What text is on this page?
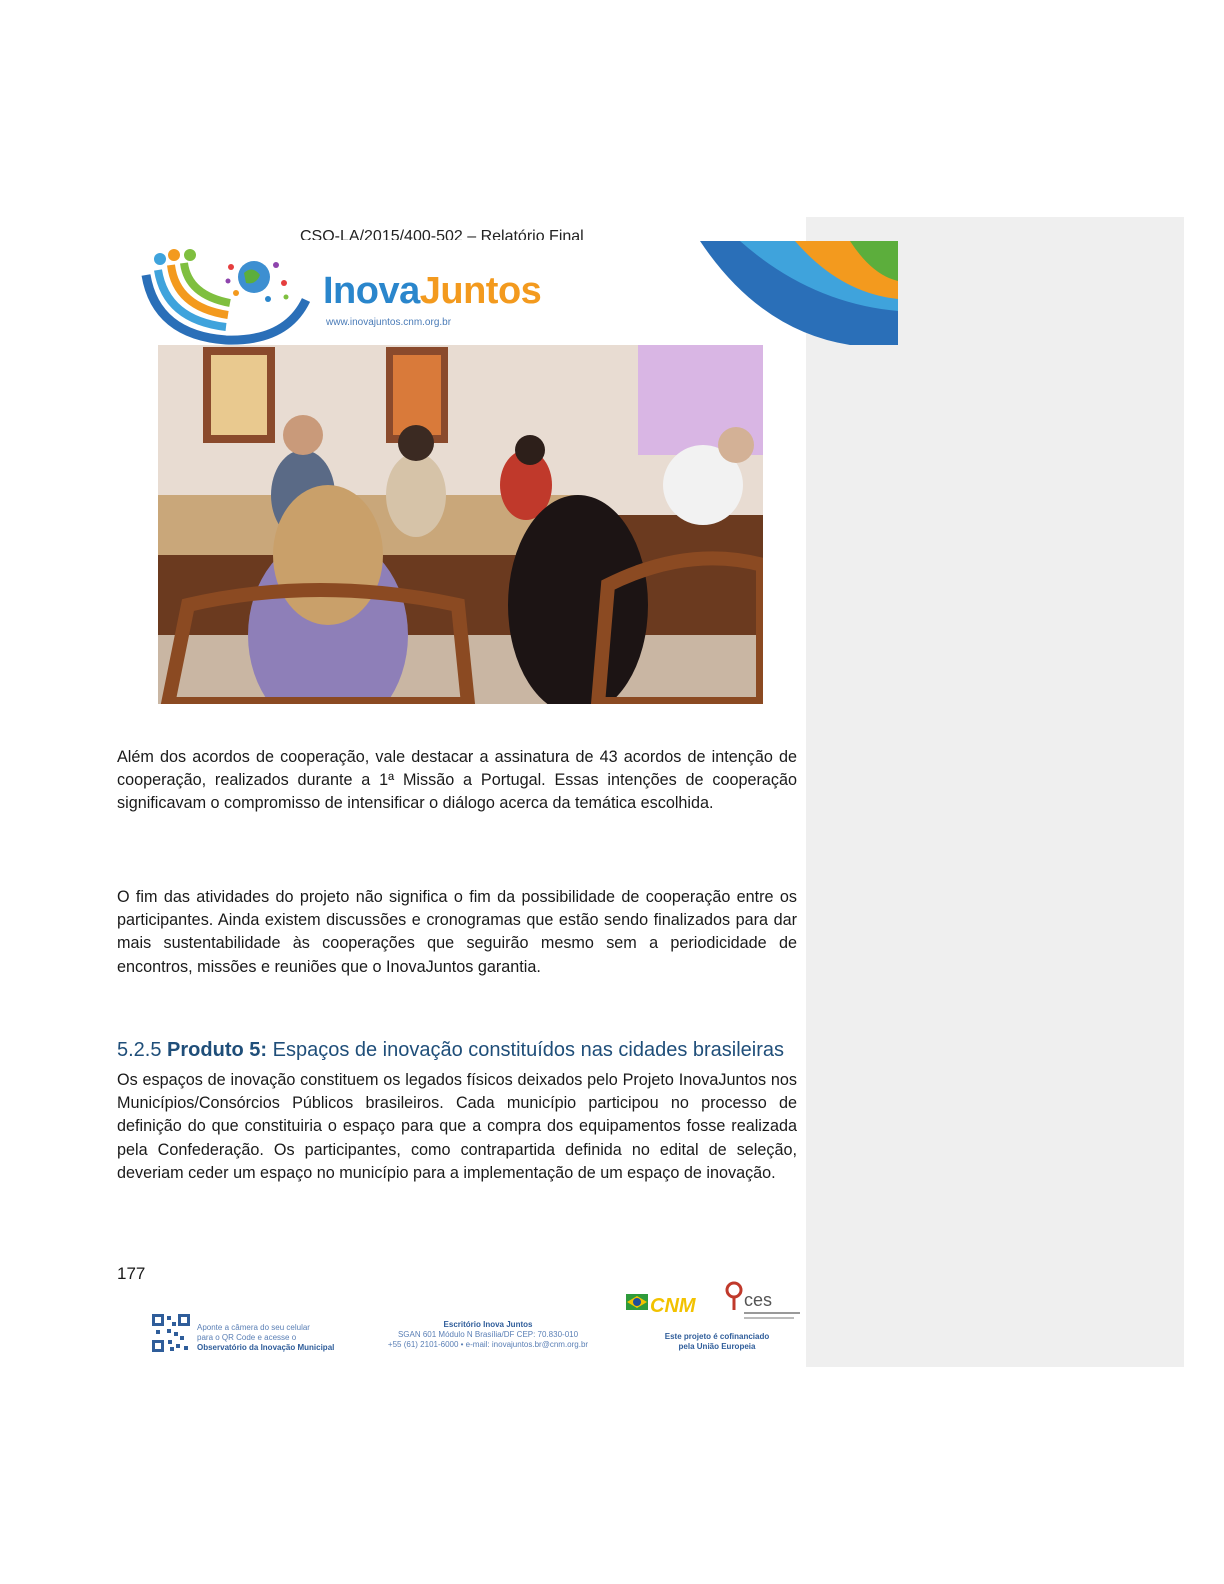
CSO-LA/2015/400-502 – Relatório Final
InovaJuntos
www.inovajuntos.cnm.org.br

Além dos acordos de cooperação, vale destacar a assinatura de 43 acordos de intenção de cooperação, realizados durante a 1ª Missão a Portugal. Essas intenções de cooperação significavam o compromisso de intensificar o diálogo acerca da temática escolhida.

O fim das atividades do projeto não significa o fim da possibilidade de cooperação entre os participantes. Ainda existem discussões e cronogramas que estão sendo finalizados para dar mais sustentabilidade às cooperações que seguirão mesmo sem a periodicidade de encontros, missões e reuniões que o InovaJuntos garantia.

5.2.5 Produto 5: Espaços de inovação constituídos nas cidades brasileiras

Os espaços de inovação constituem os legados físicos deixados pelo Projeto InovaJuntos nos Municípios/Consórcios Públicos brasileiros. Cada município participou no processo de definição do que constituiria o espaço para que a compra dos equipamentos fosse realizada pela Confederação. Os participantes, como contrapartida definida no edital de seleção, deveriam ceder um espaço no município para a implementação de um espaço de inovação.

177
Aponte a câmera do seu celular
para o QR Code e acesse o
Observatório da Inovação Municipal
Escritório Inova Juntos
SGAN 601 Módulo N Brasília/DF CEP: 70.830-010
+55 (61) 2101-6000 • e-mail: inovajuntos.br@cnm.org.br
CNM	ces
Este projeto é cofinanciado
pela União Europeia
